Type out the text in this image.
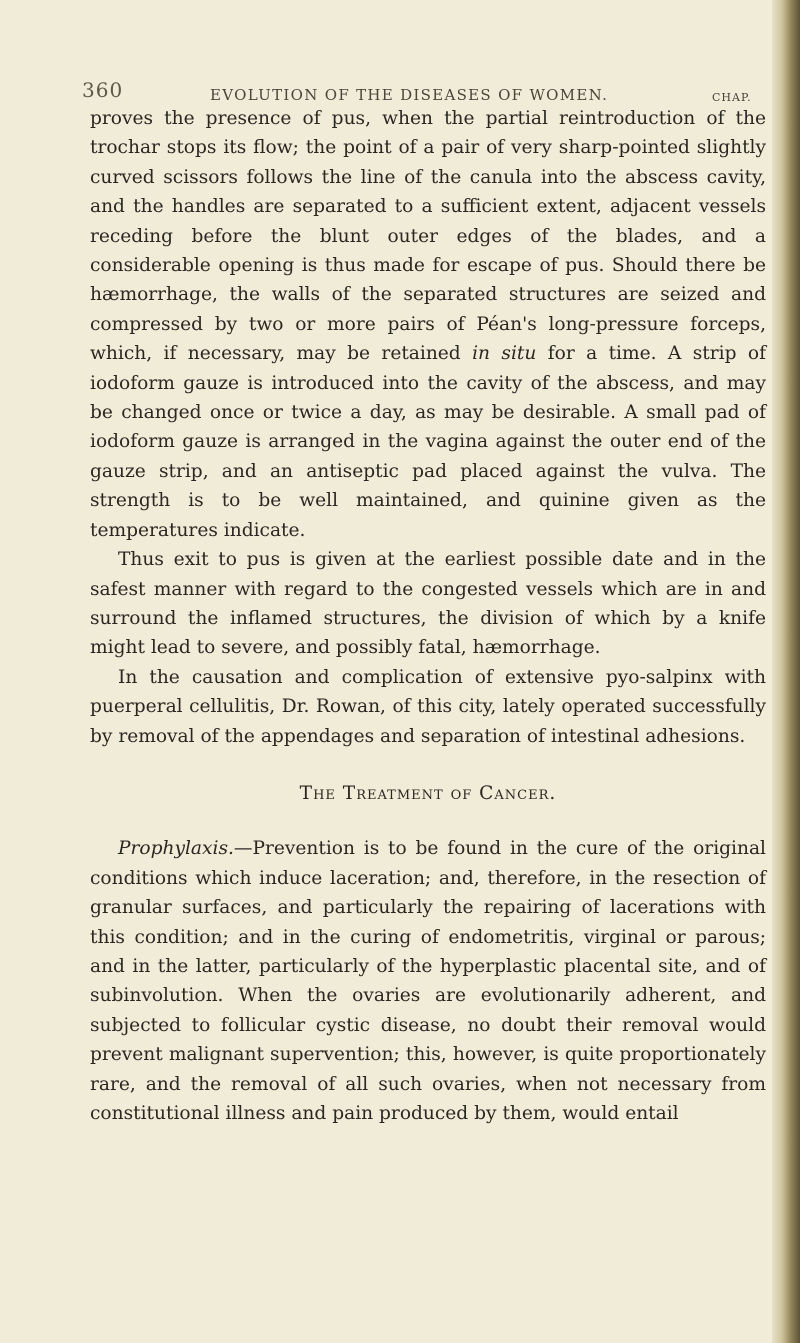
360	EVOLUTION OF THE DISEASES OF WOMEN.	CHAP.

proves the presence of pus, when the partial reintroduction of the trochar stops its flow; the point of a pair of very sharp-pointed slightly curved scissors follows the line of the canula into the abscess cavity, and the handles are separated to a sufficient extent, adjacent vessels receding before the blunt outer edges of the blades, and a considerable opening is thus made for escape of pus. Should there be hæmorrhage, the walls of the separated structures are seized and compressed by two or more pairs of Péan's long-pressure forceps, which, if necessary, may be retained in situ for a time. A strip of iodoform gauze is introduced into the cavity of the abscess, and may be changed once or twice a day, as may be desirable. A small pad of iodoform gauze is arranged in the vagina against the outer end of the gauze strip, and an antiseptic pad placed against the vulva. The strength is to be well maintained, and quinine given as the temperatures indicate.

Thus exit to pus is given at the earliest possible date and in the safest manner with regard to the congested vessels which are in and surround the inflamed structures, the division of which by a knife might lead to severe, and possibly fatal, hæmorrhage.

In the causation and complication of extensive pyo-salpinx with puerperal cellulitis, Dr. Rowan, of this city, lately operated successfully by removal of the appendages and separation of intestinal adhesions.

The Treatment of Cancer.

Prophylaxis.—Prevention is to be found in the cure of the original conditions which induce laceration; and, therefore, in the resection of granular surfaces, and particularly the repairing of lacerations with this condition; and in the curing of endometritis, virginal or parous; and in the latter, particularly of the hyperplastic placental site, and of subinvolution. When the ovaries are evolutionarily adherent, and subjected to follicular cystic disease, no doubt their removal would prevent malignant supervention; this, however, is quite proportionately rare, and the removal of all such ovaries, when not necessary from constitutional illness and pain produced by them, would entail
